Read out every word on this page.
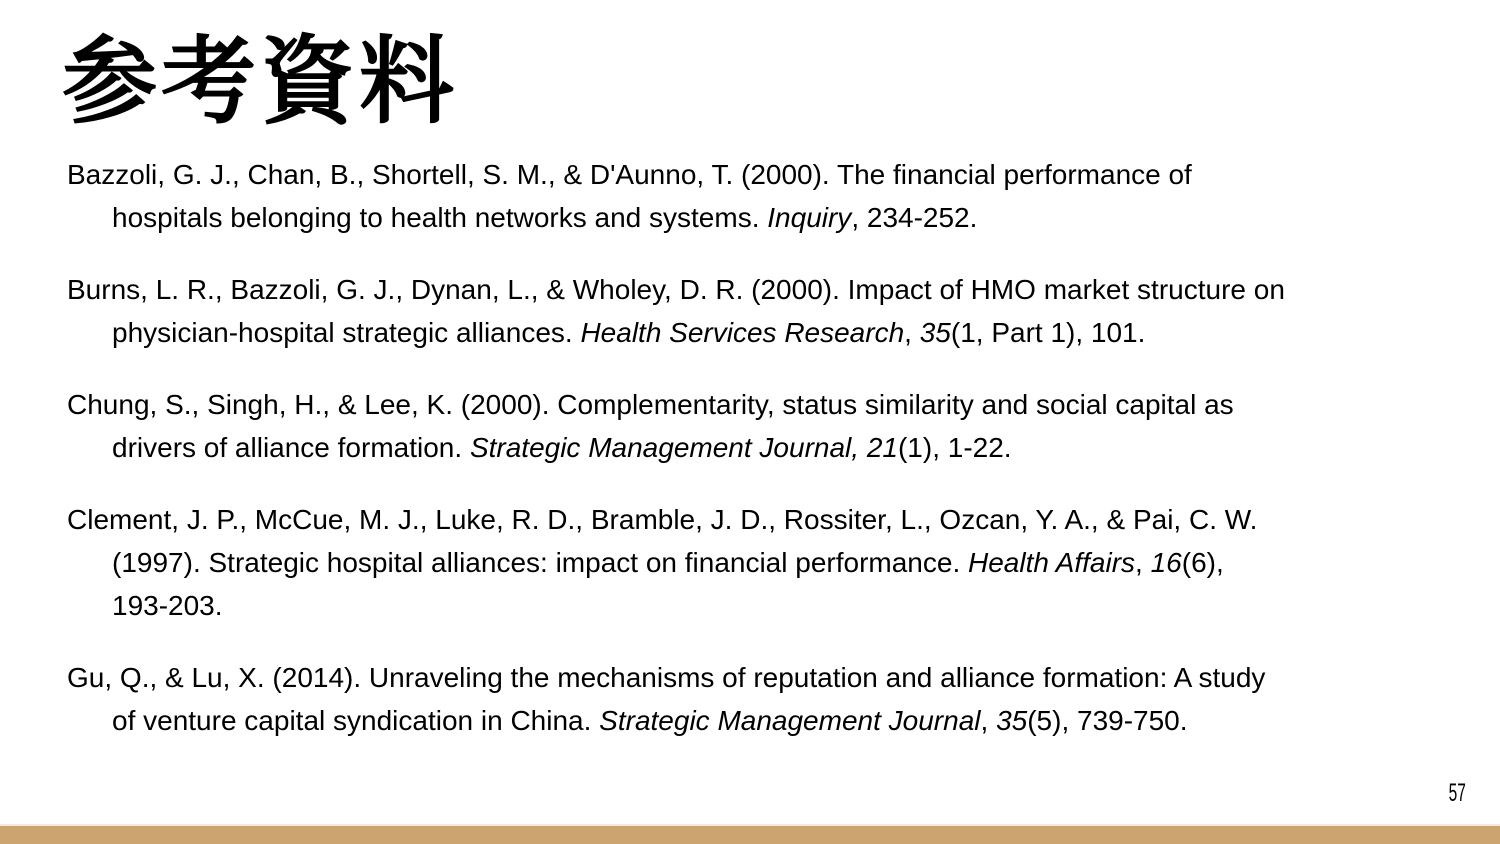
参考資料
Bazzoli, G. J., Chan, B., Shortell, S. M., & D'Aunno, T. (2000). The financial performance of
hospitals belonging to health networks and systems. Inquiry, 234-252.
Burns, L. R., Bazzoli, G. J., Dynan, L., & Wholey, D. R. (2000). Impact of HMO market structure on
physician-hospital strategic alliances. Health Services Research, 35(1, Part 1), 101.
Chung, S., Singh, H., & Lee, K. (2000). Complementarity, status similarity and social capital as
drivers of alliance formation. Strategic Management Journal, 21(1), 1-22.
Clement, J. P., McCue, M. J., Luke, R. D., Bramble, J. D., Rossiter, L., Ozcan, Y. A., & Pai, C. W.
(1997). Strategic hospital alliances: impact on financial performance. Health Affairs, 16(6),
193-203.
Gu, Q., & Lu, X. (2014). Unraveling the mechanisms of reputation and alliance formation: A study
of venture capital syndication in China. Strategic Management Journal, 35(5), 739-750.
57
